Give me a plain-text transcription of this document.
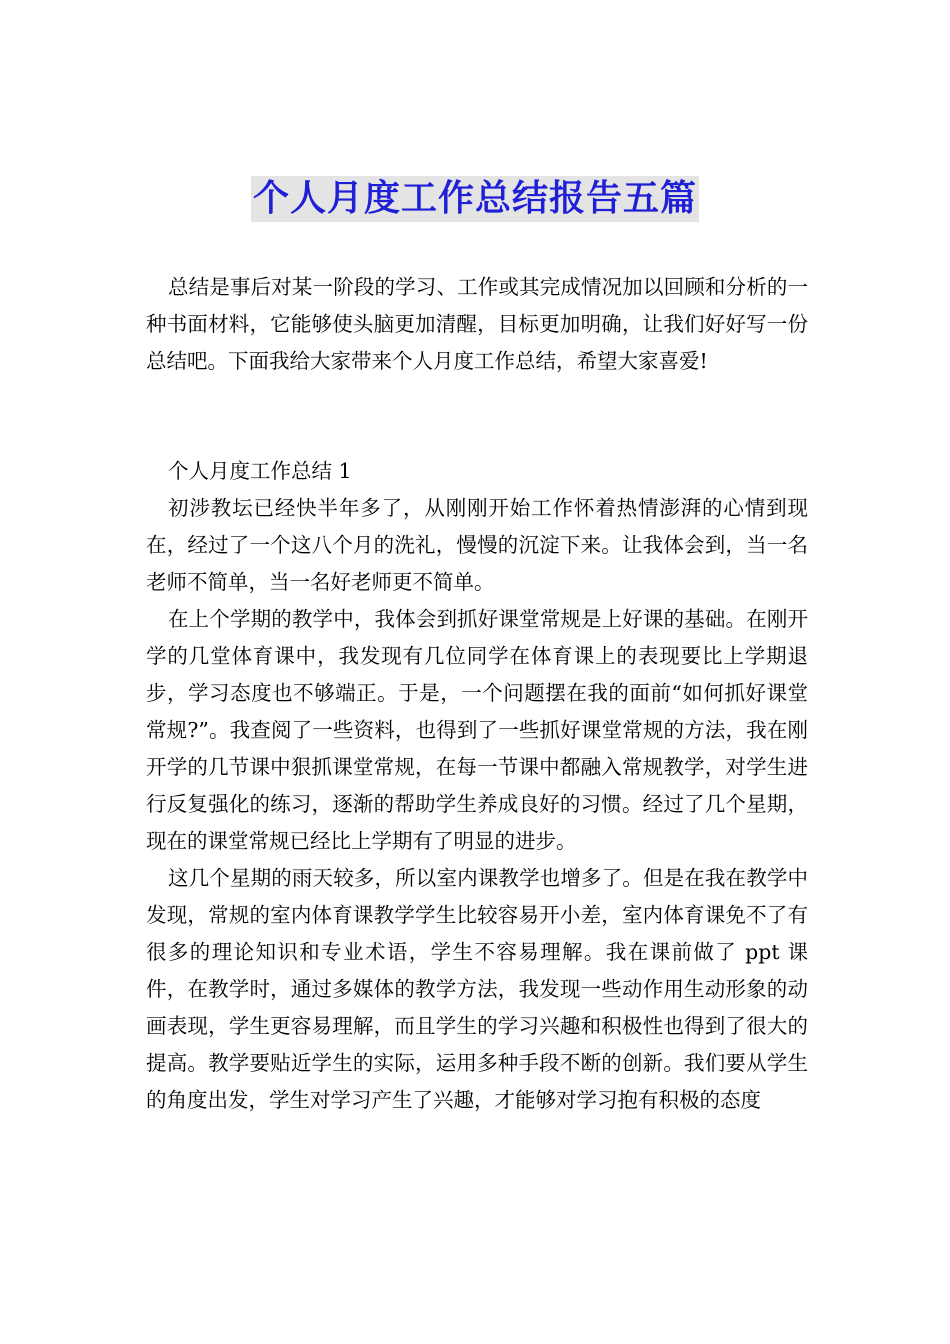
个人月度工作总结报告五篇

总结是事后对某一阶段的学习、工作或其完成情况加以回顾和分析的一种书面材料，它能够使头脑更加清醒，目标更加明确，让我们好好写一份总结吧。下面我给大家带来个人月度工作总结，希望大家喜爱!

个人月度工作总结 1

初涉教坛已经快半年多了，从刚刚开始工作怀着热情澎湃的心情到现在，经过了一个这八个月的洗礼，慢慢的沉淀下来。让我体会到，当一名老师不简单，当一名好老师更不简单。

在上个学期的教学中，我体会到抓好课堂常规是上好课的基础。在刚开学的几堂体育课中，我发现有几位同学在体育课上的表现要比上学期退步，学习态度也不够端正。于是，一个问题摆在我的面前“如何抓好课堂常规?”。我查阅了一些资料，也得到了一些抓好课堂常规的方法，我在刚开学的几节课中狠抓课堂常规，在每一节课中都融入常规教学，对学生进行反复强化的练习，逐渐的帮助学生养成良好的习惯。经过了几个星期，现在的课堂常规已经比上学期有了明显的进步。

这几个星期的雨天较多，所以室内课教学也增多了。但是在我在教学中发现，常规的室内体育课教学学生比较容易开小差，室内体育课免不了有很多的理论知识和专业术语，学生不容易理解。我在课前做了 ppt 课件，在教学时，通过多媒体的教学方法，我发现一些动作用生动形象的动画表现，学生更容易理解，而且学生的学习兴趣和积极性也得到了很大的提高。教学要贴近学生的实际，运用多种手段不断的创新。我们要从学生的角度出发，学生对学习产生了兴趣，才能够对学习抱有积极的态度
